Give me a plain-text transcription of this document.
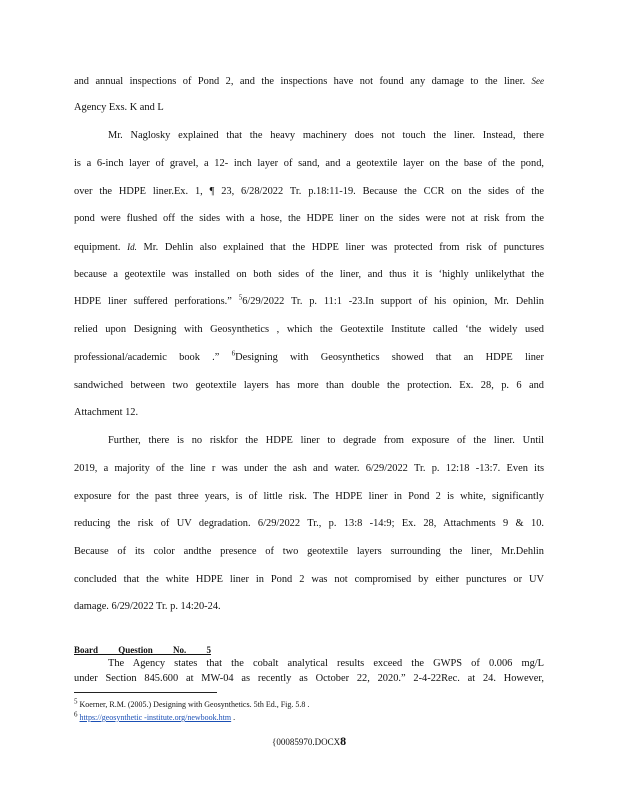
and annual inspections of Pond 2, and the inspections have not found any damage to the liner. See
Agency Exs. K and L
Mr. Naglosky explained that the heavy machinery does not touch the liner. Instead, there
is a 6-inch layer of gravel, a 12- inch layer of sand, and a geotextile layer on the base of the pond,
over the HDPE liner.Ex. 1, ¶ 23, 6/28/2022 Tr. p.18:11-19. Because the CCR on the sides of the
pond were flushed off the sides with a hose, the HDPE liner on the sides were not at risk from the
equipment. Id. Mr. Dehlin also explained that the HDPE liner was protected from risk of punctures
because a geotextile was installed on both sides of the liner, and thus it is ‘highly unlikelythat the
HDPE liner suffered perforations.” $^5$6/29/2022 Tr. p. 11:1 -23.In support of his opinion, Mr. Dehlin
relied upon Designing with Geosynthetics , which the Geotextile Institute called ‘the widely used
professional/academic book .” $^6$Designing with Geosynthetics showed that an HDPE liner
sandwiched between two geotextile layers has more than double the protection. Ex. 28, p. 6 and
Attachment 12.
Further, there is no riskfor the HDPE liner to degrade from exposure of the liner. Until
2019, a majority of the line r was under the ash and water. 6/29/2022 Tr. p. 12:18 -13:7. Even its
exposure for the past three years, is of little risk. The HDPE liner in Pond 2 is white, significantly
reducing the risk of UV degradation. 6/29/2022 Tr., p. 13:8 -14:9; Ex. 28, Attachments 9 & 10.
Because of its color andthe presence of two geotextile layers surrounding the liner, Mr.Dehlin
concluded that the white HDPE liner in Pond 2 was not compromised by either punctures or UV
damage. 6/29/2022 Tr. p. 14:20-24.
Board Question No. 5
The Agency states that the cobalt analytical results exceed the GWPS of 0.006 mg/L
under Section 845.600 at MW-04 as recently as October 22, 2020.” 2-4-22Rec. at 24. However,
5 Koerner, R.M. (2005.) Designing with Geosynthetics. 5th Ed., Fig. 5.8 .
6 https://geosynthetic -institute.org/newbook.htm .
{00085970.DOCX8
